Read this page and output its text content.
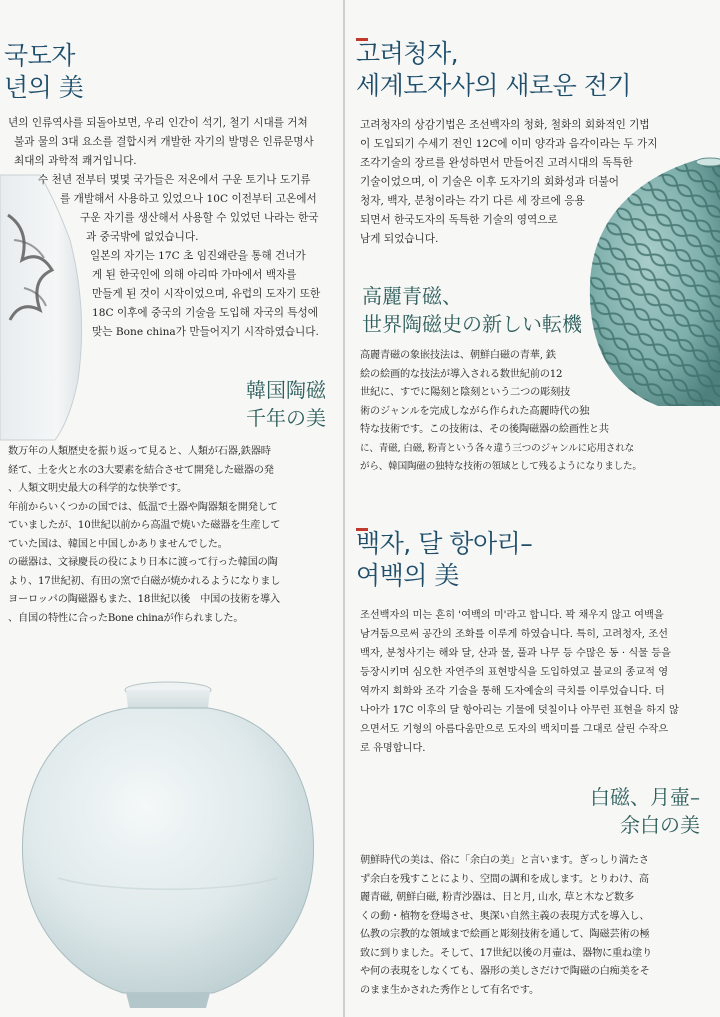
국도자
년의 美

년의 인류역사를 되돌아보면, 우리 인간이 석기, 철기 시대를 거쳐

불과 물의 3대 요소를 결합시켜 개발한 자기의 발명은 인류문명사

최대의 과학적 쾌거입니다.

수 천년 전부터 몇몇 국가들은 저온에서 구운 토기나 도기류

를 개발해서 사용하고 있었으나 10C 이전부터 고온에서

구운 자기를 생산해서 사용할 수 있었던 나라는 한국

과 중국밖에 없었습니다.

일본의 자기는 17C 초 임진왜란을 통해 건너가

게 된 한국인에 의해 아리따 가마에서 백자를

만들게 된 것이 시작이었으며, 유럽의 도자기 또한

18C 이후에 중국의 기술을 도입해 자국의 특성에

맞는 Bone china가 만들어지기 시작하였습니다.

韓国陶磁
千年の美

数万年の人類歴史を振り返って見ると、人類が石器,鉄器時

経て、土を火と水の3大要素を結合させて開発した磁器の発

、人類文明史最大の科学的な快挙です。

年前からいくつかの国では、低温で土器や陶器類を開発して

ていましたが、10世紀以前から高温で焼いた磁器を生産して

ていた国は、韓国と中国しかありませんでした。

の磁器は、文禄慶長の役により日本に渡って行った韓国の陶

より、17世紀初、有田の窯で白磁が焼かれるようになりまし

ヨーロッパの陶磁器もまた、18世紀以後　中国の技術を導入

、自国の特性に合ったBone chinaが作られました。

고려청자,
세계도자사의 새로운 전기

고려청자의 상감기법은 조선백자의 청화, 철화의 회화적인 기법

이 도입되기 수세기 전인 12C에 이미 양각과 음각이라는 두 가지

조각기술의 장르를 완성하면서 만들어진 고려시대의 독특한

기술이었으며, 이 기술은 이후 도자기의 회화성과 더불어

청자, 백자, 분청이라는 각기 다른 세 장르에 응용

되면서 한국도자의 독특한 기술의 영역으로

남게 되었습니다.

高麗青磁、
世界陶磁史の新しい転機

高麗青磁の象嵌技法は、朝鮮白磁の青華, 鉄

絵の絵画的な技法が導入される数世紀前の12

世紀に、すでに陽刻と陰刻という二つの彫刻技

術のジャンルを完成しながら作られた高麗時代の独

特な技術です。この技術は、その後陶磁器の絵画性と共

に、青磁, 白磁, 粉青という各々違う三つのジャンルに応用されな

がら、韓国陶磁の独特な技術の領域として残るようになりました。

백자, 달 항아리–
여백의 美

조선백자의 미는 흔히 '여백의 미'라고 합니다. 꽉 채우지 않고 여백을

남겨둠으로써 공간의 조화를 이루게 하였습니다. 특히, 고려청자, 조선

백자, 분청사기는 해와 달, 산과 물, 풀과 나무 등 수많은 동 · 식물 등을

등장시키며 심오한 자연주의 표현방식을 도입하였고 불교의 종교적 영

역까지 회화와 조각 기술을 통해 도자예술의 극치를 이루었습니다. 더

나아가 17C 이후의 달 항아리는 기물에 덧칠이나 아무런 표현을 하지 않

으면서도 기형의 아름다움만으로 도자의 백치미를 그대로 살린 수작으

로 유명합니다.

白磁、月壷–
余白の美

朝鮮時代の美は、俗に「余白の美」と言います。ぎっしり満たさ

ず余白を残すことにより、空間の調和を成します。とりわけ、高

麗青磁, 朝鮮白磁, 粉青沙器は、日と月, 山水, 草と木など数多

くの動・植物を登場させ、奥深い自然主義の表現方式を導入し、

仏教の宗教的な領域まで絵画と彫刻技術を通して、陶磁芸術の極

致に到りました。そして、17世紀以後の月壷は、器物に重ね塗り

や何の表現をしなくても、器形の美しさだけで陶磁の白痴美をそ

のまま生かされた秀作として有名です。
